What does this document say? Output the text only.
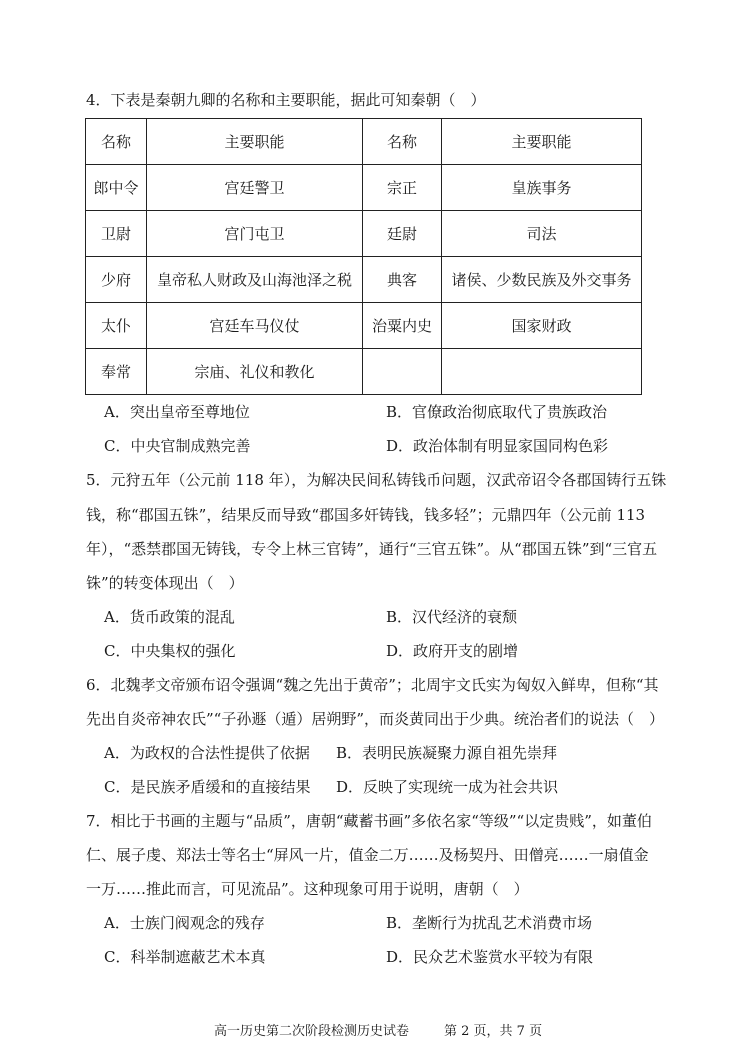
4．下表是秦朝九卿的名称和主要职能，据此可知秦朝（　）
名称	主要职能	名称	主要职能
郎中令	宫廷警卫	宗正	皇族事务
卫尉	宫门屯卫	廷尉	司法
少府	皇帝私人财政及山海池泽之税	典客	诸侯、少数民族及外交事务
太仆	宫廷车马仪仗	治粟内史	国家财政
奉常	宗庙、礼仪和教化		
A．突出皇帝至尊地位	B．官僚政治彻底取代了贵族政治
C．中央官制成熟完善	D．政治体制有明显家国同构色彩
5．元狩五年（公元前 118 年），为解决民间私铸钱币问题，汉武帝诏令各郡国铸行五铢
钱，称“郡国五铢”，结果反而导致“郡国多奸铸钱，钱多轻”；元鼎四年（公元前 113
年），“悉禁郡国无铸钱，专令上林三官铸”，通行“三官五铢”。从“郡国五铢”到“三官五
铢”的转变体现出（　）
A．货币政策的混乱	B．汉代经济的衰颓
C．中央集权的强化	D．政府开支的剧增
6．北魏孝文帝颁布诏令强调“魏之先出于黄帝”；北周宇文氏实为匈奴入鲜卑，但称“其
先出自炎帝神农氏”“子孙遯（遁）居朔野”，而炎黄同出于少典。统治者们的说法（　）
A．为政权的合法性提供了依据 B．表明民族凝聚力源自祖先崇拜
C．是民族矛盾缓和的直接结果 D．反映了实现统一成为社会共识
7．相比于书画的主题与“品质”，唐朝“藏蓄书画”多依名家“等级”“以定贵贱”，如董伯
仁、展子虔、郑法士等名士“屏风一片，值金二万……及杨契丹、田僧亮……一扇值金
一万……推此而言，可见流品”。这种现象可用于说明，唐朝（　）
A．士族门阀观念的残存	B．垄断行为扰乱艺术消费市场
C．科举制遮蔽艺术本真	D．民众艺术鉴赏水平较为有限
高一历史第二次阶段检测历史试卷	第 2 页，共 7 页
